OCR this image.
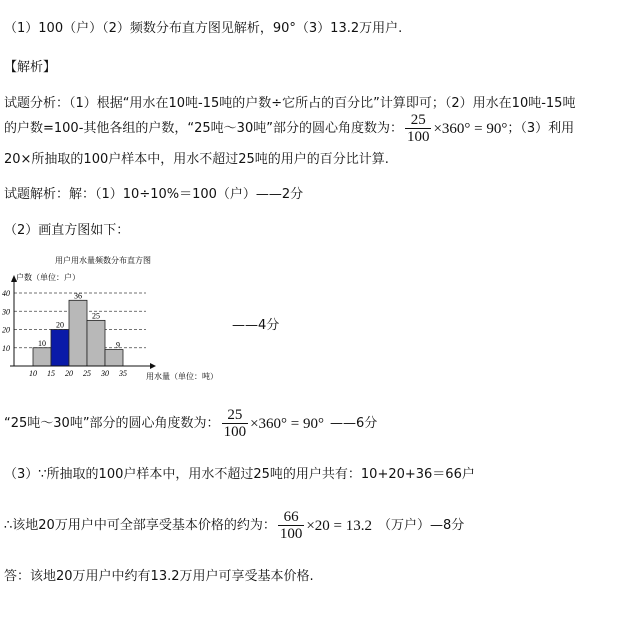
（1）100（户）（2）频数分布直方图见解析，90°（3）13.2万用户.
【解析】
试题分析：（1）根据“用水在10吨-15吨的户数÷它所占的百分比”计算即可；（2）用水在10吨-15吨
的户数=100-其他各组的户数，“25吨～30吨”部分的圆心角度数为： $\frac{25}{100} \times 360^\circ = 90^\circ$ ；（3）利用
20×所抽取的100户样本中，用水不超过25吨的用户的百分比计算.
试题解析：解：（1）10÷10%＝100（户）——2分
（2）画直方图如下：
用户用水量频数分布直方图
户数（单位：户）
用水量（单位：吨）
10
20
36
25
9
10
20
30
40
10 15 20 25 30 35
——4分
“25吨～30吨”部分的圆心角度数为： $\frac{25}{100} \times 360^\circ = 90^\circ$ ——6分
（3）∵所抽取的100户样本中，用水不超过25吨的用户共有：10+20+36＝66户
∴该地20万用户中可全部享受基本价格的约为： $\frac{66}{100} \times 20 = 13.2$ （万户）—8分
答：该地20万用户中约有13.2万用户可享受基本价格.
